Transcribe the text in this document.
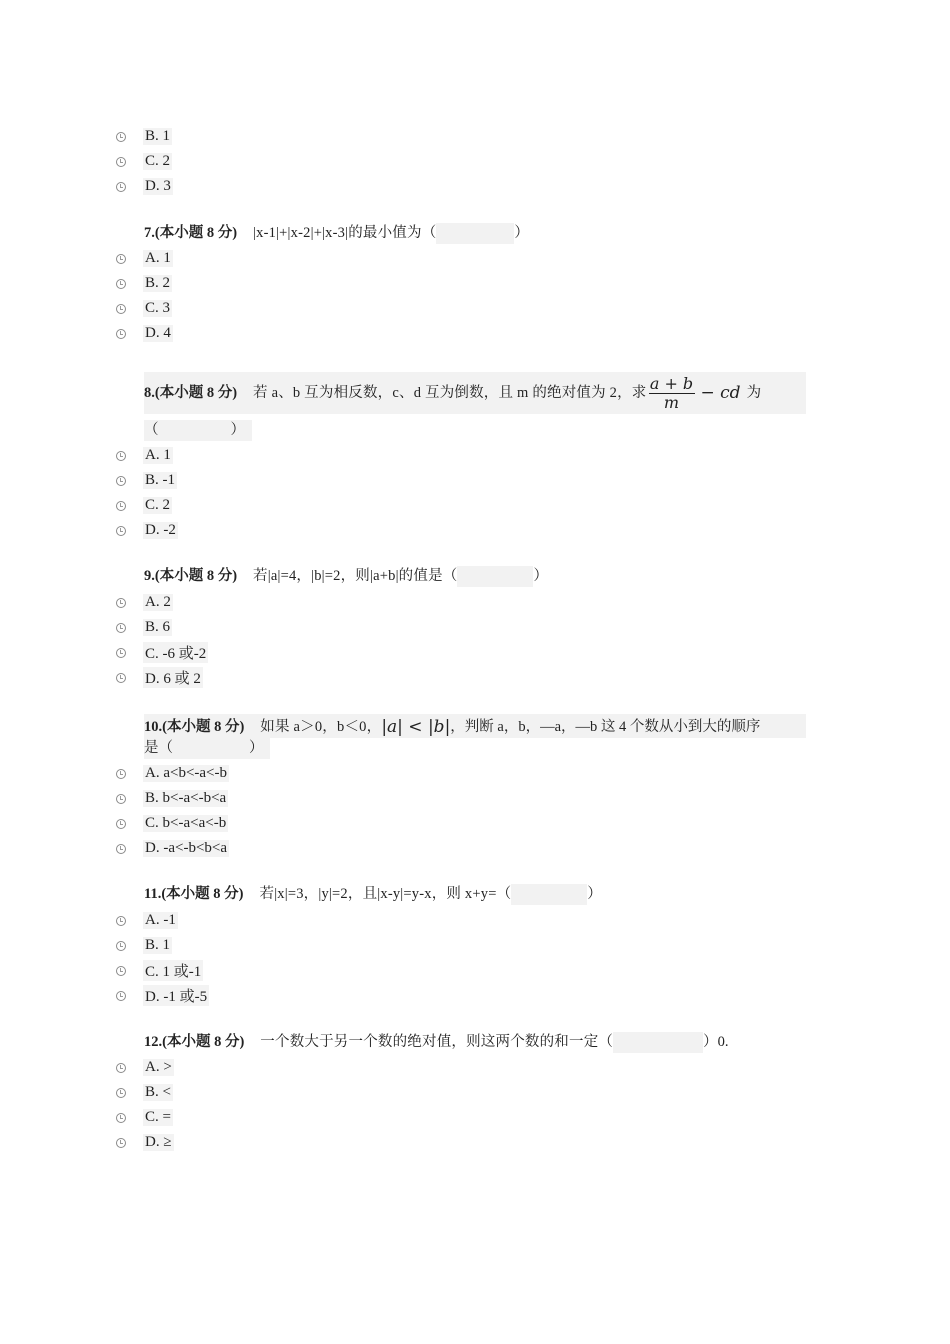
B. 1
C. 2
D. 3
7.(本小题 8 分) |x-1|+|x-2|+|x-3|的最小值为（	）
A. 1
B. 2
C. 3
D. 4
8. (本小题 8 分) 若 a、b 互为相反数，c、d 互为倒数，且 m 的绝对值为 2，求 $\frac{a + b}{m}$ − cd 为
（	）
A. 1
B. -1
C. 2
D. -2
9.(本小题 8 分) 若|a|=4，|b|=2，则|a+b|的值是（	）
A. 2
B. 6
C. -6 或-2
D. 6 或 2
10. (本小题 8 分) 如果 a＞0，b＜0， |a| < |b| ，判断 a，b，—a，—b 这 4 个数从小到大的顺序
是（	）
A. a<b<-a<-b
B. b<-a<-b<a
C. b<-a<a<-b
D. -a<-b<b<a
11.(本小题 8 分) 若|x|=3，|y|=2，且|x-y|=y-x，则 x+y=（	）
A. -1
B. 1
C. 1 或-1
D. -1 或-5
12.(本小题 8 分) 一个数大于另一个数的绝对值，则这两个数的和一定（	）0.
A. >
B. <
C. =
D. ≥
